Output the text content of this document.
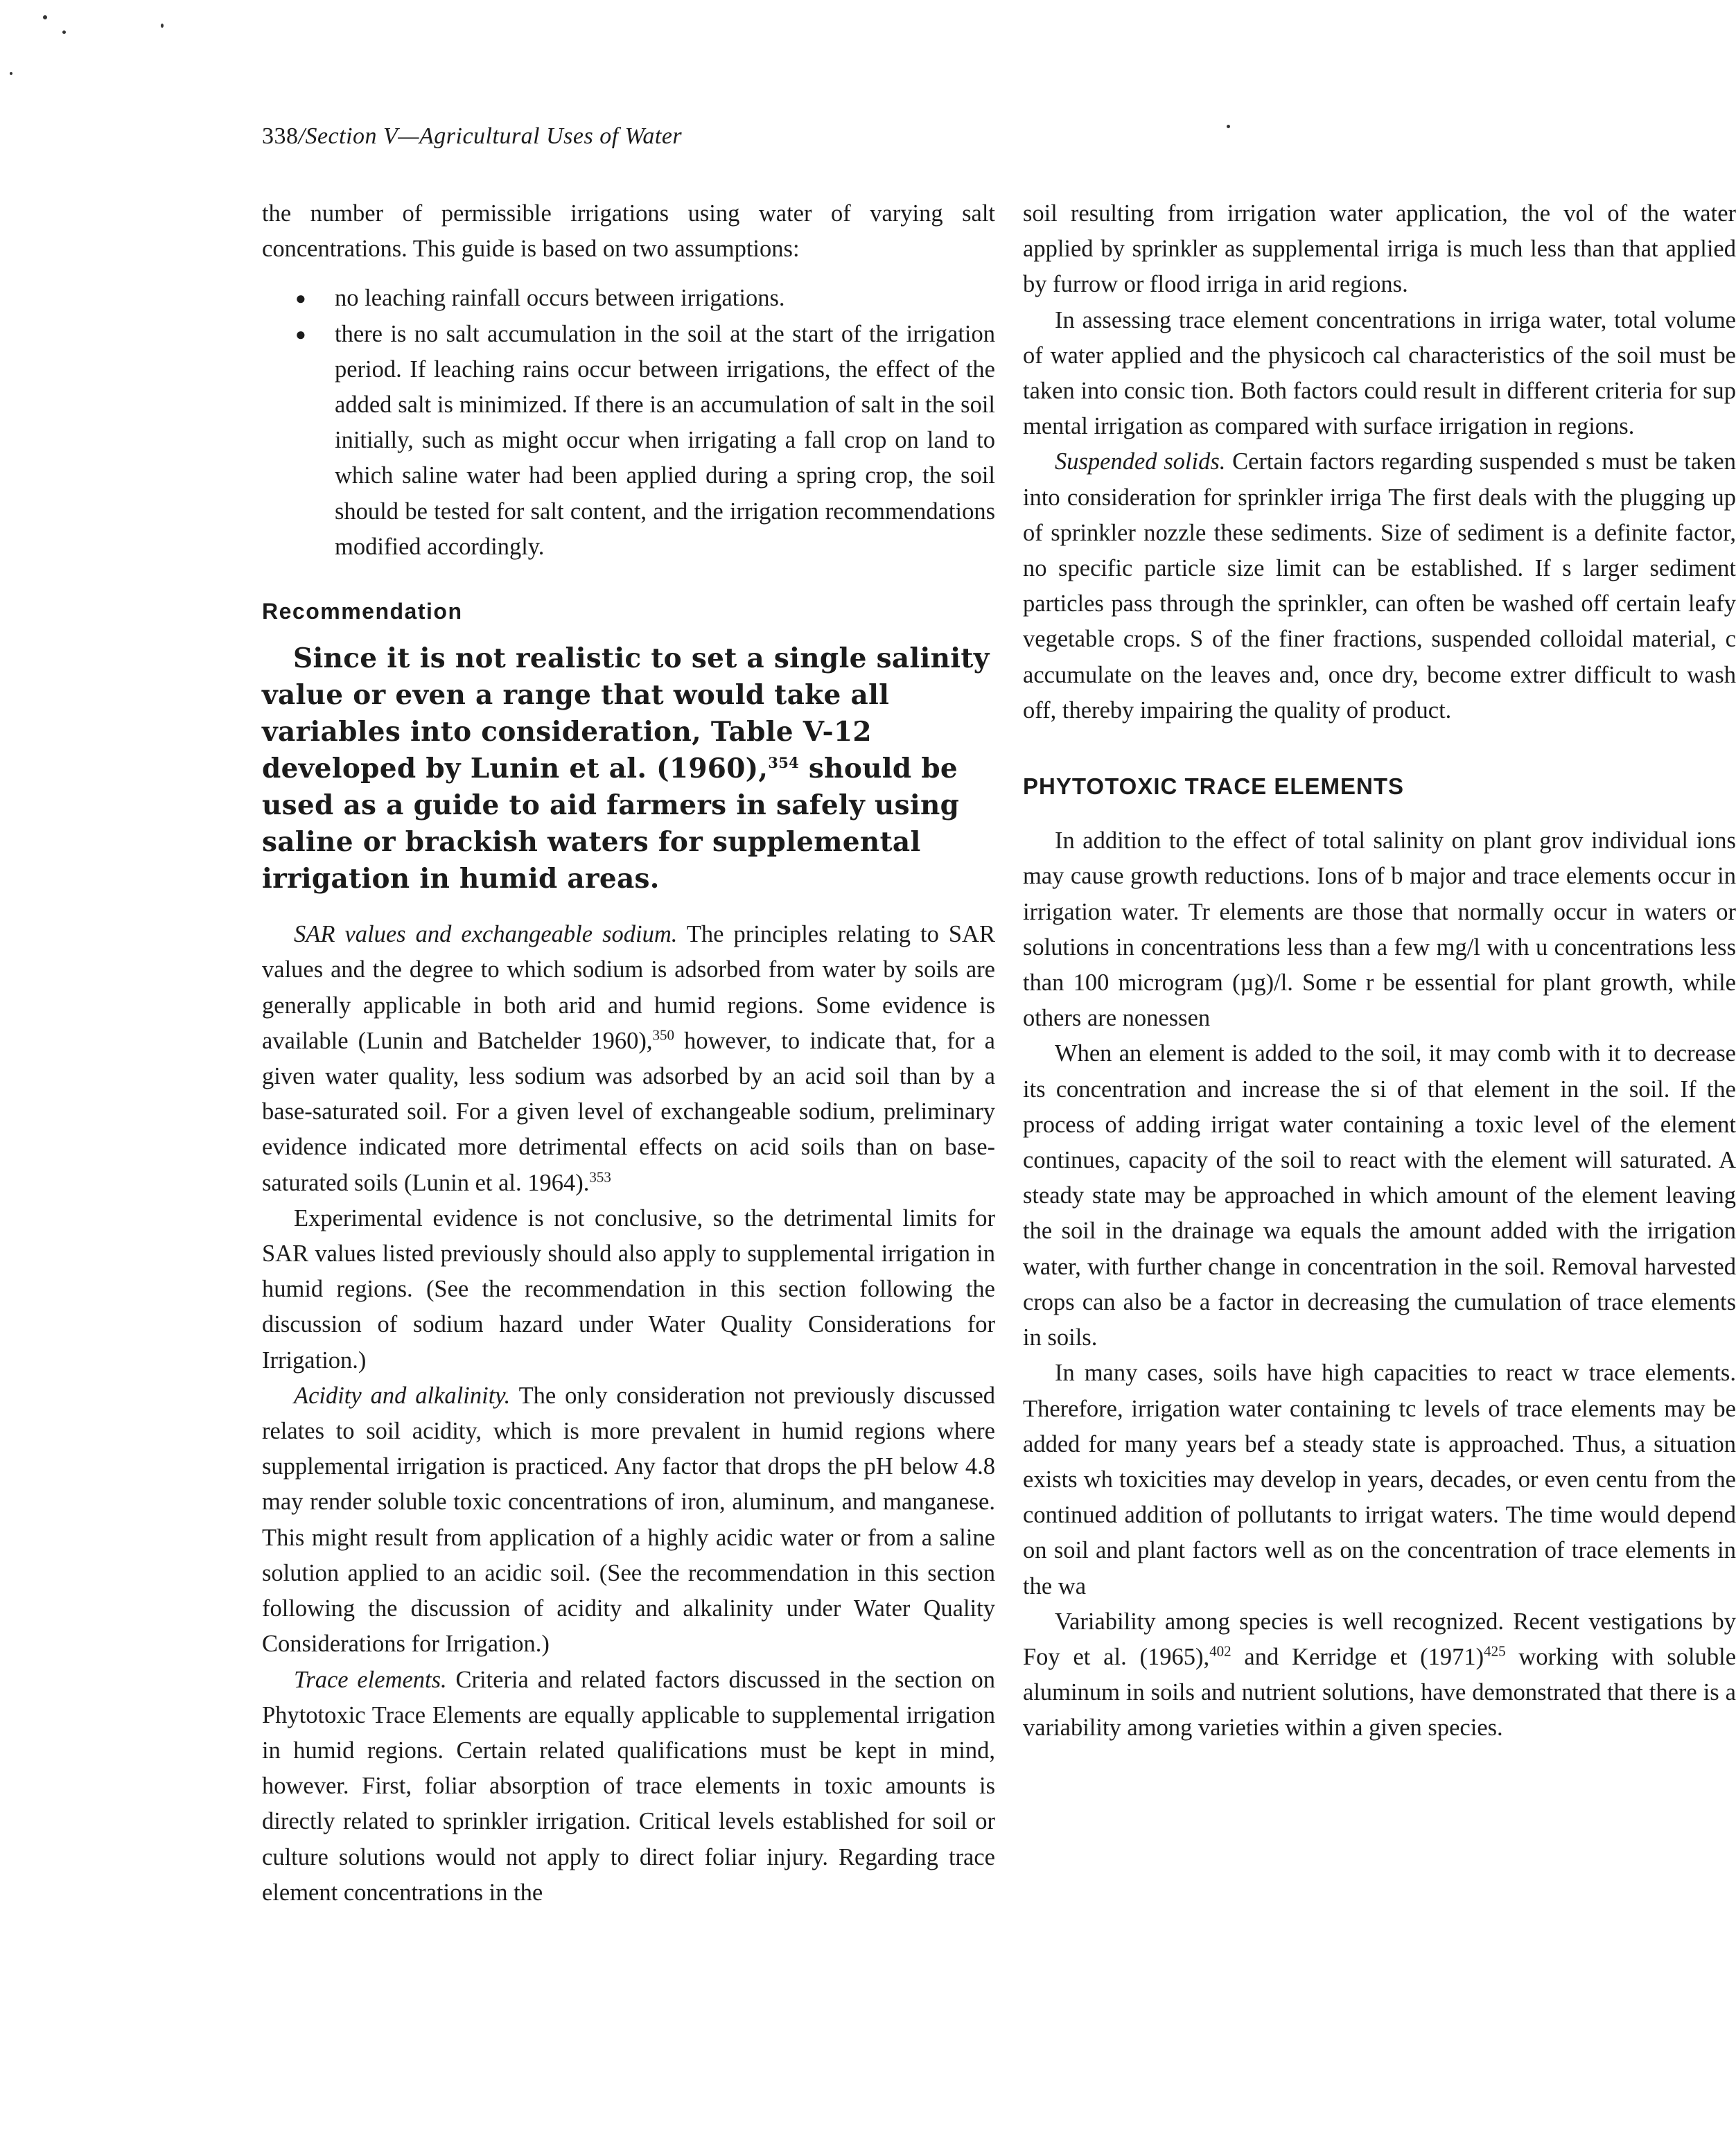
338/Section V—Agricultural Uses of Water

the number of permissible irrigations using water of varying salt concentrations. This guide is based on two assumptions:

● no leaching rainfall occurs between irrigations.
● there is no salt accumulation in the soil at the start of the irrigation period. If leaching rains occur between irrigations, the effect of the added salt is minimized. If there is an accumulation of salt in the soil initially, such as might occur when irrigating a fall crop on land to which saline water had been applied during a spring crop, the soil should be tested for salt content, and the irrigation recommendations modified accordingly.
Recommendation

Since it is not realistic to set a single salinity value or even a range that would take all variables into consideration, Table V-12 developed by Lunin et al. (1960),$^{354}$ should be used as a guide to aid farmers in safely using saline or brackish waters for supplemental irrigation in humid areas.

SAR values and exchangeable sodium. The principles relating to SAR values and the degree to which sodium is adsorbed from water by soils are generally applicable in both arid and humid regions. Some evidence is available (Lunin and Batchelder 1960),$^{350}$ however, to indicate that, for a given water quality, less sodium was adsorbed by an acid soil than by a base-saturated soil. For a given level of exchangeable sodium, preliminary evidence indicated more detrimental effects on acid soils than on base-saturated soils (Lunin et al. 1964).$^{353}$

Experimental evidence is not conclusive, so the detrimental limits for SAR values listed previously should also apply to supplemental irrigation in humid regions. (See the recommendation in this section following the discussion of sodium hazard under Water Quality Considerations for Irrigation.)

Acidity and alkalinity. The only consideration not previously discussed relates to soil acidity, which is more prevalent in humid regions where supplemental irrigation is practiced. Any factor that drops the pH below 4.8 may render soluble toxic concentrations of iron, aluminum, and manganese. This might result from application of a highly acidic water or from a saline solution applied to an acidic soil. (See the recommendation in this section following the discussion of acidity and alkalinity under Water Quality Considerations for Irrigation.)

Trace elements. Criteria and related factors discussed in the section on Phytotoxic Trace Elements are equally applicable to supplemental irrigation in humid regions. Certain related qualifications must be kept in mind, however. First, foliar absorption of trace elements in toxic amounts is directly related to sprinkler irrigation. Critical levels established for soil or culture solutions would not apply to direct foliar injury. Regarding trace element concentrations in the

soil resulting from irrigation water application, the vol of the water applied by sprinkler as supplemental irriga is much less than that applied by furrow or flood irriga in arid regions.

In assessing trace element concentrations in irriga water, total volume of water applied and the physicoch cal characteristics of the soil must be taken into consic tion. Both factors could result in different criteria for sup mental irrigation as compared with surface irrigation in regions.

Suspended solids. Certain factors regarding suspended s must be taken into consideration for sprinkler irriga The first deals with the plugging up of sprinkler nozzle these sediments. Size of sediment is a definite factor, no specific particle size limit can be established. If s larger sediment particles pass through the sprinkler, can often be washed off certain leafy vegetable crops. S of the finer fractions, suspended colloidal material, c accumulate on the leaves and, once dry, become extrer difficult to wash off, thereby impairing the quality of product.

PHYTOTOXIC TRACE ELEMENTS

In addition to the effect of total salinity on plant grov individual ions may cause growth reductions. Ions of b major and trace elements occur in irrigation water. Tr elements are those that normally occur in waters or solutions in concentrations less than a few mg/l with u concentrations less than 100 microgram (µg)/l. Some r be essential for plant growth, while others are nonessen

When an element is added to the soil, it may comb with it to decrease its concentration and increase the si of that element in the soil. If the process of adding irrigat water containing a toxic level of the element continues, capacity of the soil to react with the element will saturated. A steady state may be approached in which amount of the element leaving the soil in the drainage wa equals the amount added with the irrigation water, with further change in concentration in the soil. Removal harvested crops can also be a factor in decreasing the cumulation of trace elements in soils.

In many cases, soils have high capacities to react w trace elements. Therefore, irrigation water containing tc levels of trace elements may be added for many years bef a steady state is approached. Thus, a situation exists wh toxicities may develop in years, decades, or even centu from the continued addition of pollutants to irrigat waters. The time would depend on soil and plant factors well as on the concentration of trace elements in the wa

Variability among species is well recognized. Recent vestigations by Foy et al. (1965),$^{402}$ and Kerridge et $(1971)^{425}$ working with soluble aluminum in soils and nutrient solutions, have demonstrated that there is a variability among varieties within a given species.
